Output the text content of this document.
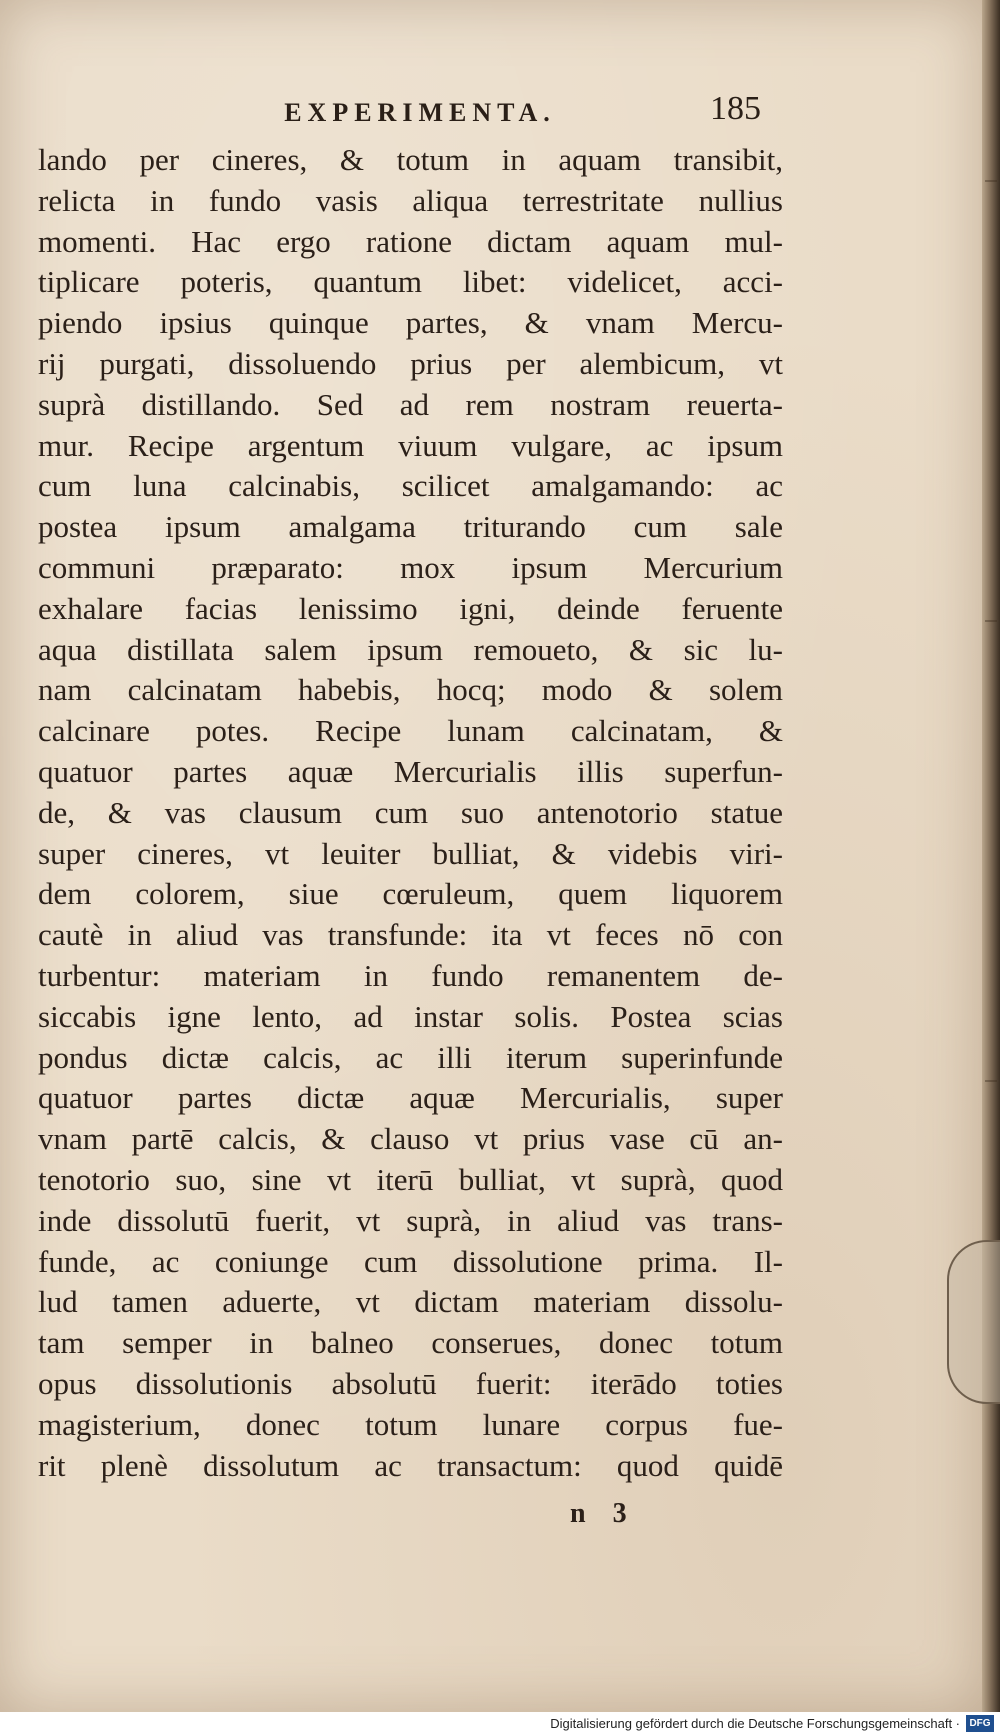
EXPERIMENTA.	185
lando per cineres, & totum in aquam transibit,
relicta in fundo vasis aliqua terrestritate nullius
momenti. Hac ergo ratione dictam aquam mul-
tiplicare poteris, quantum libet: videlicet, acci-
piendo ipsius quinque partes, & vnam Mercu-
rij purgati, dissoluendo prius per alembicum, vt
suprà distillando. Sed ad rem nostram reuerta-
mur. Recipe argentum viuum vulgare, ac ipsum
cum luna calcinabis, scilicet amalgamando: ac
postea ipsum amalgama triturando cum sale
communi præparato: mox ipsum Mercurium
exhalare facias lenissimo igni, deinde feruente
aqua distillata salem ipsum remoueto, & sic lu-
nam calcinatam habebis, hocq; modo & solem
calcinare potes. Recipe lunam calcinatam, &
quatuor partes aquæ Mercurialis illis superfun-
de, & vas clausum cum suo antenotorio statue
super cineres, vt leuiter bulliat, & videbis viri-
dem colorem, siue cœruleum, quem liquorem
cautè in aliud vas transfunde: ita vt feces nō con
turbentur: materiam in fundo remanentem de-
siccabis igne lento, ad instar solis. Postea scias
pondus dictæ calcis, ac illi iterum superinfunde
quatuor partes dictæ aquæ Mercurialis, super
vnam partē calcis, & clauso vt prius vase cū an-
tenotorio suo, sine vt iterū bulliat, vt suprà, quod
inde dissolutū fuerit, vt suprà, in aliud vas trans-
funde, ac coniunge cum dissolutione prima. Il-
lud tamen aduerte, vt dictam materiam dissolu-
tam semper in balneo conserues, donec totum
opus dissolutionis absolutū fuerit: iterādo toties
magisterium, donec totum lunare corpus fue-
rit plenè dissolutum ac transactum: quod quidē
n 3
Digitalisierung gefördert durch die Deutsche Forschungsgemeinschaft · DFG
